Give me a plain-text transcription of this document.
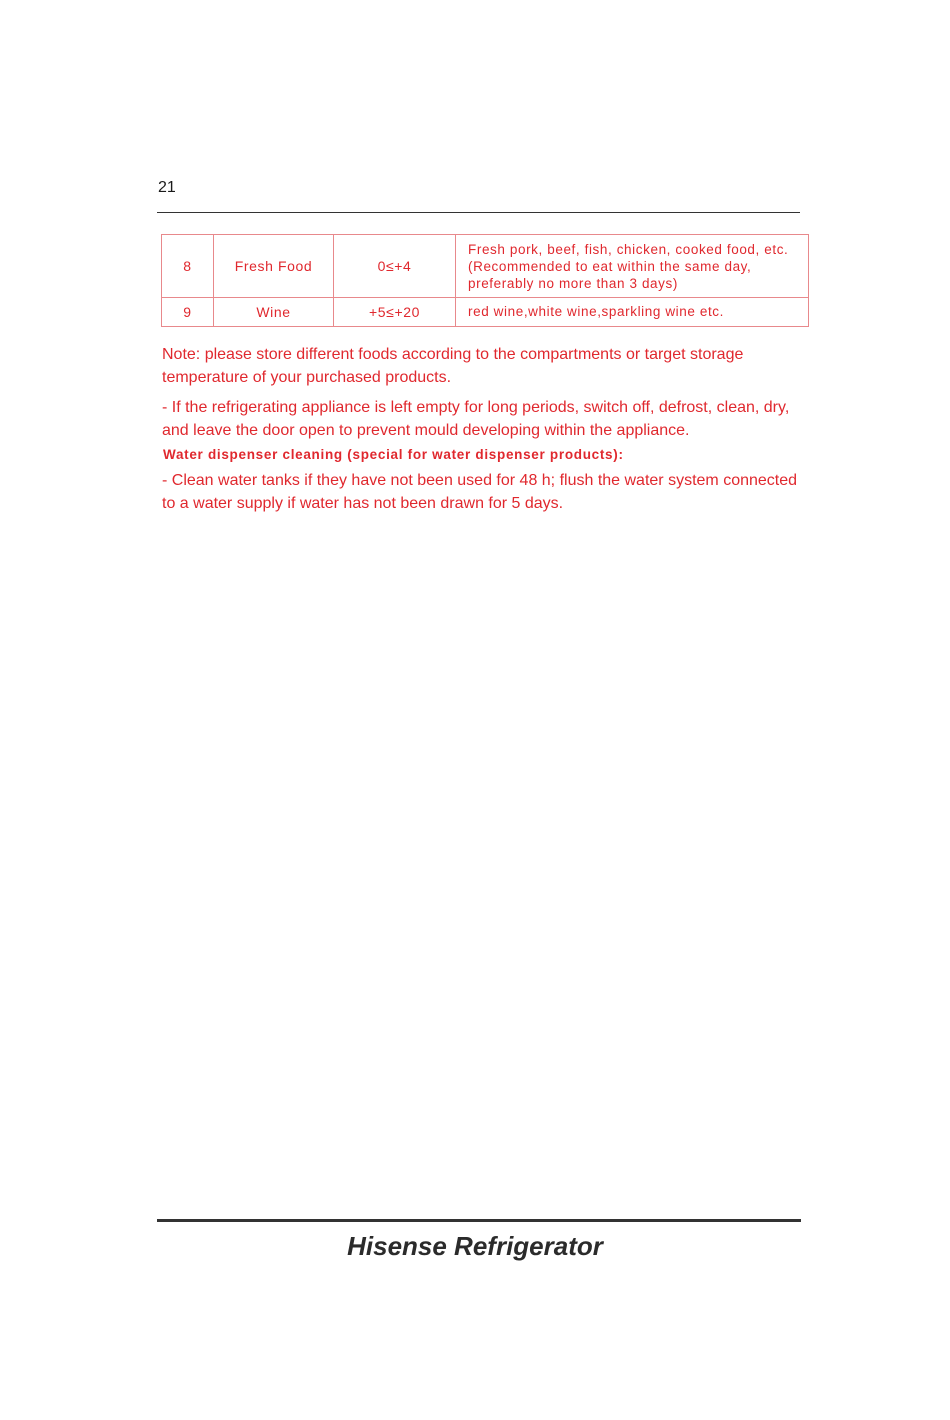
21
8	Fresh Food	0≤+4	Fresh pork, beef, fish, chicken, cooked food, etc.
(Recommended to eat within the same day,
preferably no more than 3 days)

9	Wine	+5≤+20	red wine,white wine,sparkling wine etc.
Note: please store different foods according to the compartments or target storage temperature of your purchased products.
- If the refrigerating appliance is left empty for long periods, switch off, defrost, clean, dry, and leave the door open to prevent mould developing within the appliance.
Water dispenser cleaning (special for water dispenser products):
- Clean water tanks if they have not been used for 48 h; flush the water system connected to a water supply if water has not been drawn for 5 days.
Hisense Refrigerator
